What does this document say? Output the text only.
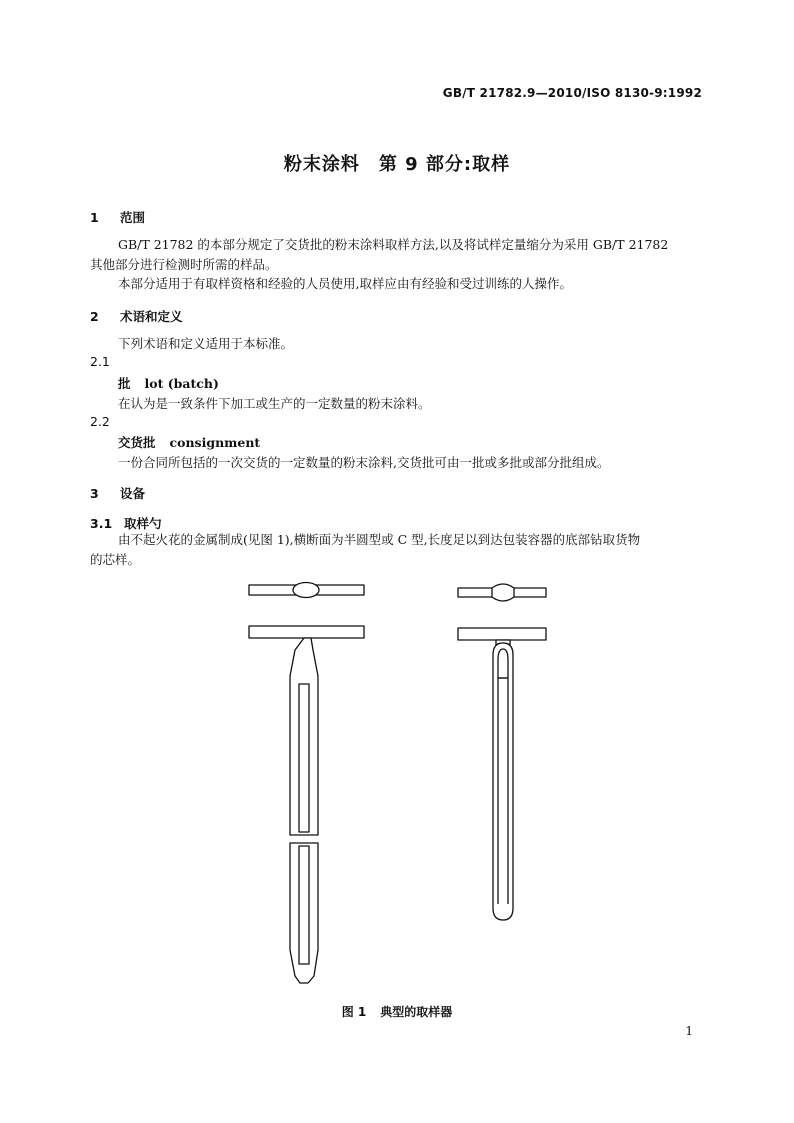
GB/T 21782.9—2010/ISO 8130-9:1992
粉末涂料　第 9 部分:取样
1 范围
GB/T 21782 的本部分规定了交货批的粉末涂料取样方法,以及将试样定量缩分为采用 GB/T 21782
其他部分进行检测时所需的样品。
本部分适用于有取样资格和经验的人员使用,取样应由有经验和受过训练的人操作。
2 术语和定义
下列术语和定义适用于本标准。
2.1
批 lot (batch)
在认为是一致条件下加工或生产的一定数量的粉末涂料。
2.2
交货批 consignment
一份合同所包括的一次交货的一定数量的粉末涂料,交货批可由一批或多批或部分批组成。
3 设备
3.1 取样勺
由不起火花的金属制成(见图 1),横断面为半圆型或 C 型,长度足以到达包装容器的底部钻取货物
的芯样。
图 1 典型的取样器
1
